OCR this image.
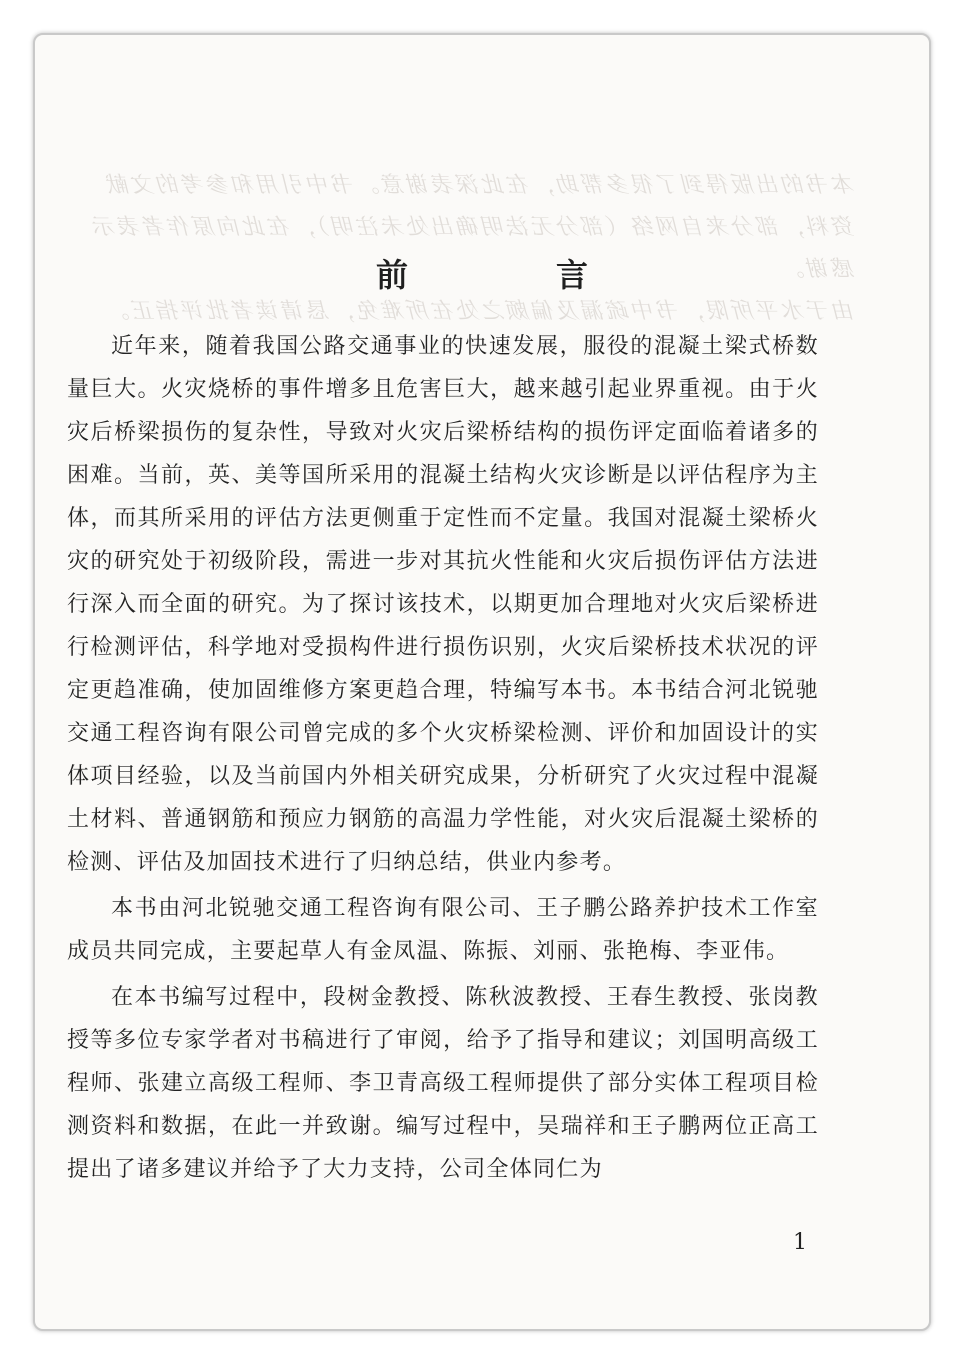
本书的出版得到了很多帮助，在此深表谢意。书中引用和参考的文献

资料，部分来自网络（部分无法明确出处未注明），在此向原作者表示

感谢。

由于水平所限，书中疏漏及偏颇之处在所难免，恳请读者批评指正。

前　言

近年来，随着我国公路交通事业的快速发展，服役的混凝土梁式桥数量巨大。火灾烧桥的事件增多且危害巨大，越来越引起业界重视。由于火灾后桥梁损伤的复杂性，导致对火灾后梁桥结构的损伤评定面临着诸多的困难。当前，英、美等国所采用的混凝土结构火灾诊断是以评估程序为主体，而其所采用的评估方法更侧重于定性而不定量。我国对混凝土梁桥火灾的研究处于初级阶段，需进一步对其抗火性能和火灾后损伤评估方法进行深入而全面的研究。为了探讨该技术，以期更加合理地对火灾后梁桥进行检测评估，科学地对受损构件进行损伤识别，火灾后梁桥技术状况的评定更趋准确，使加固维修方案更趋合理，特编写本书。本书结合河北锐驰交通工程咨询有限公司曾完成的多个火灾桥梁检测、评价和加固设计的实体项目经验，以及当前国内外相关研究成果，分析研究了火灾过程中混凝土材料、普通钢筋和预应力钢筋的高温力学性能，对火灾后混凝土梁桥的检测、评估及加固技术进行了归纳总结，供业内参考。

本书由河北锐驰交通工程咨询有限公司、王子鹏公路养护技术工作室成员共同完成，主要起草人有金凤温、陈振、刘丽、张艳梅、李亚伟。

在本书编写过程中，段树金教授、陈秋波教授、王春生教授、张岗教授等多位专家学者对书稿进行了审阅，给予了指导和建议；刘国明高级工程师、张建立高级工程师、李卫青高级工程师提供了部分实体工程项目检测资料和数据，在此一并致谢。编写过程中，吴瑞祥和王子鹏两位正高工提出了诸多建议并给予了大力支持，公司全体同仁为

1
